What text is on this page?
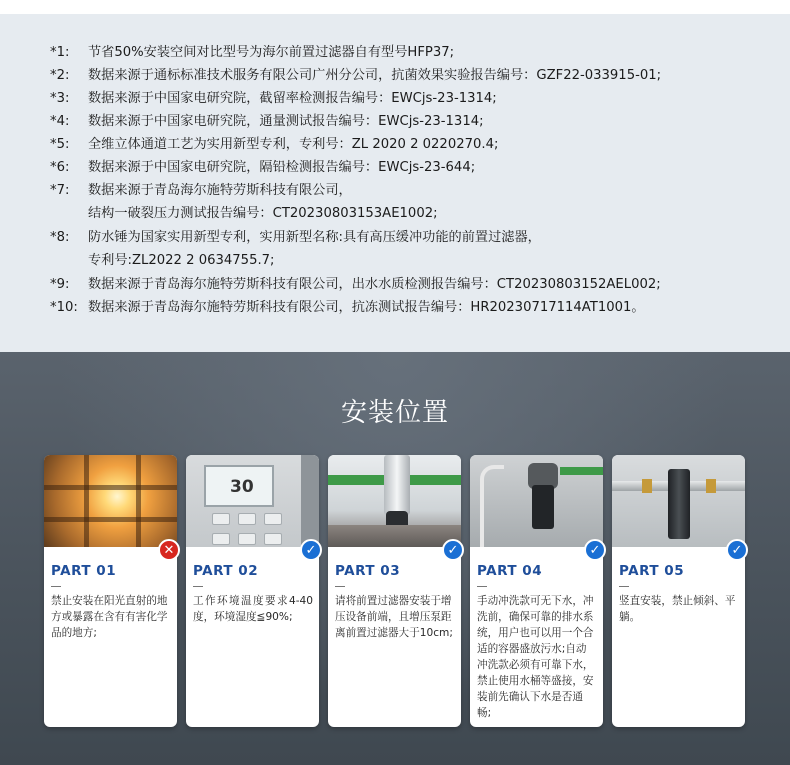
*1: 节省50%安装空间对比型号为海尔前置过滤器自有型号HFP37;
*2: 数据来源于通标标准技术服务有限公司广州分公司，抗菌效果实验报告编号：GZF22-033915-01;
*3: 数据来源于中国家电研究院，截留率检测报告编号：EWCjs-23-1314;
*4: 数据来源于中国家电研究院，通量测试报告编号：EWCjs-23-1314;
*5: 全维立体通道工艺为实用新型专利，专利号：ZL 2020 2 0220270.4;
*6: 数据来源于中国家电研究院，隔铅检测报告编号：EWCjs-23-644;
*7: 数据来源于青岛海尔施特劳斯科技有限公司，
结构一破裂压力测试报告编号：CT20230803153AE1002;
*8: 防水锤为国家实用新型专利，实用新型名称:具有高压缓冲功能的前置过滤器，
专利号:ZL2022 2 0634755.7;
*9: 数据来源于青岛海尔施特劳斯科技有限公司，出水水质检测报告编号：CT20230803152AEL002;
*10: 数据来源于青岛海尔施特劳斯科技有限公司，抗冻测试报告编号：HR20230717114AT1001。
安装位置
✕
PART 01
禁止安装在阳光直射的地方或暴露在含有有害化学品的地方;
30

✓
PART 02
工作环境温度要求4-40度，环境湿度≦90%;
✓
PART 03
请将前置过滤器安装于增压设备前端，且增压泵距离前置过滤器大于10cm;
✓
PART 04
手动冲洗款可无下水，冲洗前，确保可靠的排水系统，用户也可以用一个合适的容器盛放污水;自动冲洗款必须有可靠下水，禁止使用水桶等盛接，安装前先确认下水是否通畅;
✓
PART 05
竖直安装，禁止倾斜、平躺。
